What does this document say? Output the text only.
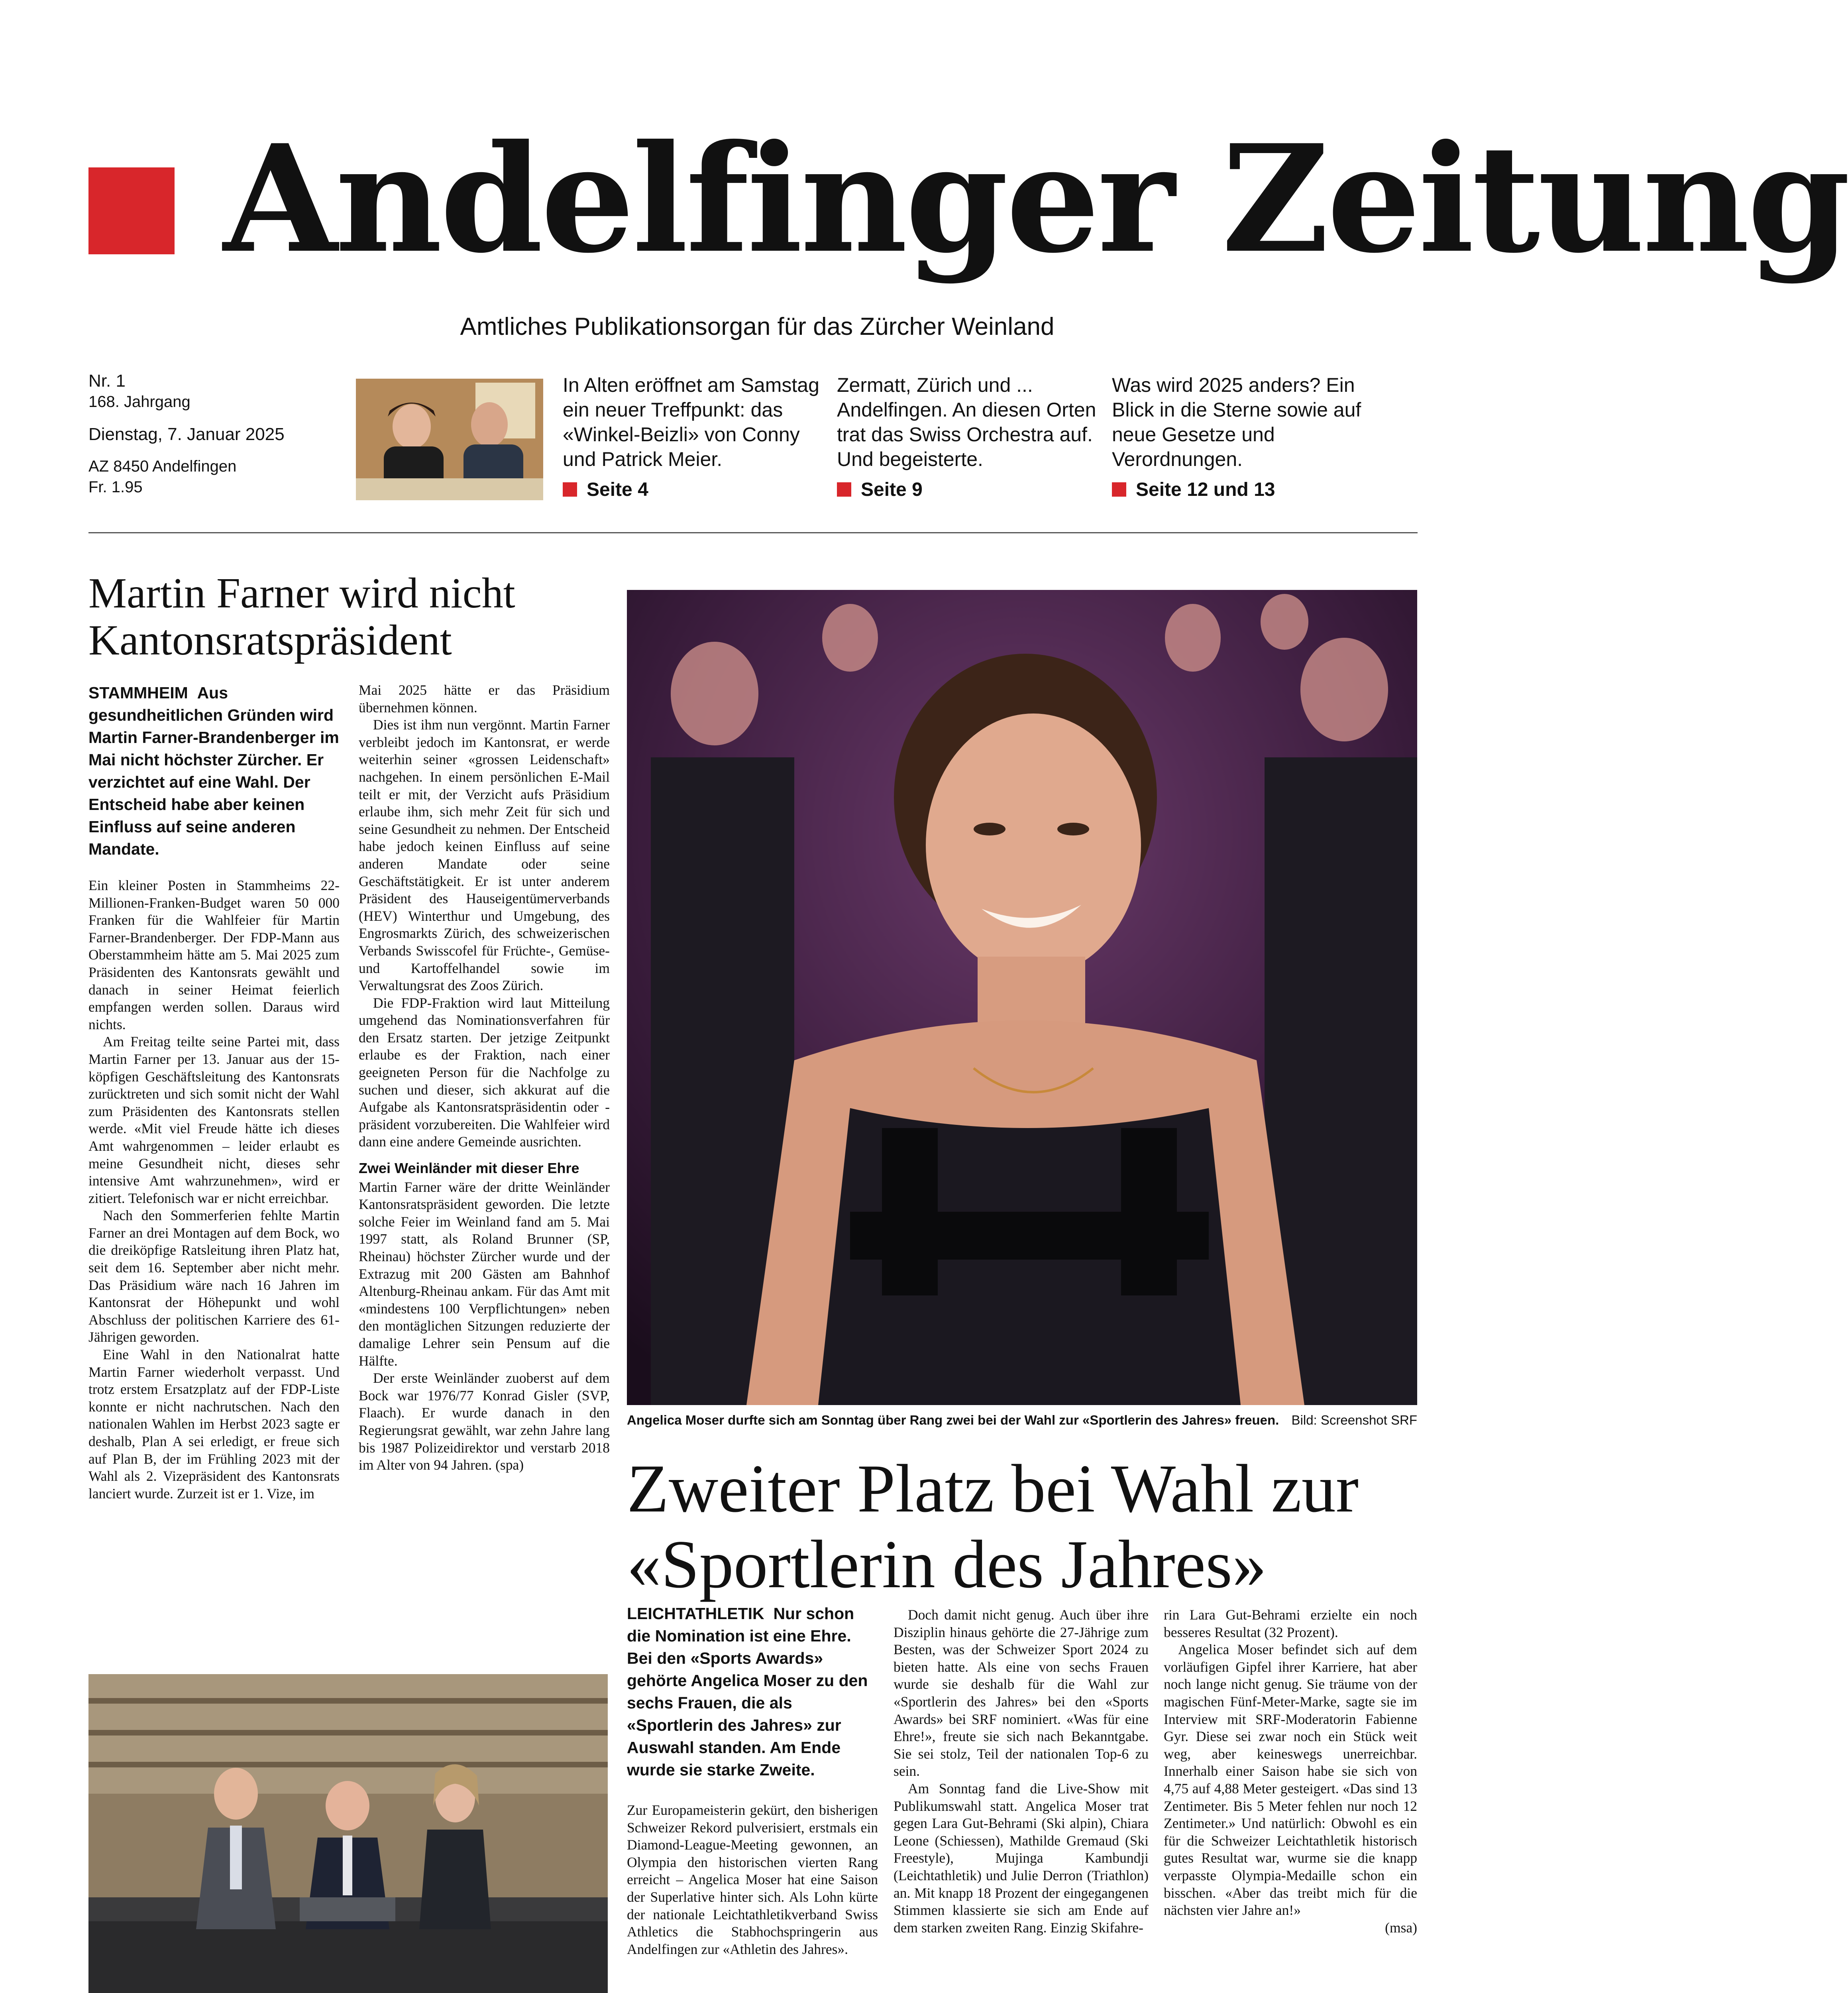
Andelfinger Zeitung
Amtliches Publikationsorgan für das Zürcher Weinland
Nr. 1
168. Jahrgang
Dienstag, 7. Januar 2025
AZ 8450 Andelfingen
Fr. 1.95
In Alten eröffnet am Samstag ein neuer Treffpunkt: das «Winkel-Beizli» von Conny und Patrick Meier.
Seite 4
Zermatt, Zürich und ... Andelfingen. An diesen Orten trat das Swiss Orchestra auf. Und begeisterte.
Seite 9
Was wird 2025 anders? Ein Blick in die Sterne sowie auf neue Gesetze und Verordnungen.
Seite 12 und 13
Martin Farner wird nicht Kantonsratspräsident
STAMMHEIM Aus gesundheitlichen Gründen wird Martin Farner-Brandenberger im Mai nicht höchster Zürcher. Er verzichtet auf eine Wahl. Der Entscheid habe aber keinen Einfluss auf seine anderen Mandate.

Ein kleiner Posten in Stammheims 22-Millionen-Franken-Budget waren 50 000 Franken für die Wahlfeier für Martin Farner-Brandenberger. Der FDP-Mann aus Oberstammheim hätte am 5. Mai 2025 zum Präsidenten des Kantonsrats gewählt und danach in seiner Heimat feierlich empfangen werden sollen. Daraus wird nichts.

Am Freitag teilte seine Partei mit, dass Martin Farner per 13. Januar aus der 15-köpfigen Geschäftsleitung des Kantonsrats zurücktreten und sich somit nicht der Wahl zum Präsidenten des Kantonsrats stellen werde. «Mit viel Freude hätte ich dieses Amt wahrgenommen – leider erlaubt es meine Gesundheit nicht, dieses sehr intensive Amt wahrzunehmen», wird er zitiert. Telefonisch war er nicht erreichbar.

Nach den Sommerferien fehlte Martin Farner an drei Montagen auf dem Bock, wo die dreiköpfige Ratsleitung ihren Platz hat, seit dem 16. September aber nicht mehr. Das Präsidium wäre nach 16 Jahren im Kantonsrat der Höhepunkt und wohl Abschluss der politischen Karriere des 61-Jährigen geworden.

Eine Wahl in den Nationalrat hatte Martin Farner wiederholt verpasst. Und trotz erstem Ersatzplatz auf der FDP-Liste konnte er nicht nachrutschen. Nach den nationalen Wahlen im Herbst 2023 sagte er deshalb, Plan A sei erledigt, er freue sich auf Plan B, der im Frühling 2023 mit der Wahl als 2. Vizepräsident des Kantonsrats lanciert wurde. Zurzeit ist er 1. Vize, im

Mai 2025 hätte er das Präsidium übernehmen können.

Dies ist ihm nun vergönnt. Martin Farner verbleibt jedoch im Kantonsrat, er werde weiterhin seiner «grossen Leidenschaft» nachgehen. In einem persönlichen E-Mail teilt er mit, der Verzicht aufs Präsidium erlaube ihm, sich mehr Zeit für sich und seine Gesundheit zu nehmen. Der Entscheid habe jedoch keinen Einfluss auf seine anderen Mandate oder seine Geschäftstätigkeit. Er ist unter anderem Präsident des Hauseigentümerverbands (HEV) Winterthur und Umgebung, des Engrosmarkts Zürich, des schweizerischen Verbands Swisscofel für Früchte-, Gemüse- und Kartoffelhandel sowie im Verwaltungsrat des Zoos Zürich.

Die FDP-Fraktion wird laut Mitteilung umgehend das Nominationsverfahren für den Ersatz starten. Der jetzige Zeitpunkt erlaube es der Fraktion, nach einer geeigneten Person für die Nachfolge zu suchen und dieser, sich akkurat auf die Aufgabe als Kantonsratspräsidentin oder -präsident vorzubereiten. Die Wahlfeier wird dann eine andere Gemeinde ausrichten.

Zwei Weinländer mit dieser Ehre

Martin Farner wäre der dritte Weinländer Kantonsratspräsident geworden. Die letzte solche Feier im Weinland fand am 5. Mai 1997 statt, als Roland Brunner (SP, Rheinau) höchster Zürcher wurde und der Extrazug mit 200 Gästen am Bahnhof Altenburg-Rheinau ankam. Für das Amt mit «mindestens 100 Verpflichtungen» neben den montäglichen Sitzungen reduzierte der damalige Lehrer sein Pensum auf die Hälfte.

Der erste Weinländer zuoberst auf dem Bock war 1976/77 Konrad Gisler (SVP, Flaach). Er wurde danach in den Regierungsrat gewählt, war zehn Jahre lang bis 1987 Polizeidirektor und verstarb 2018 im Alter von 94 Jahren. (spa)

Angelica Moser durfte sich am Sonntag über Rang zwei bei der Wahl zur «Sportlerin des Jahres» freuen. Bild: Screenshot SRF
Zweiter Platz bei Wahl zur «Sportlerin des Jahres»
LEICHTATHLETIK Nur schon die Nomination ist eine Ehre. Bei den «Sports Awards» gehörte Angelica Moser zu den sechs Frauen, die als «Sportlerin des Jahres» zur Auswahl standen. Am Ende wurde sie starke Zweite.

Zur Europameisterin gekürt, den bisherigen Schweizer Rekord pulverisiert, erstmals ein Diamond-League-Meeting gewonnen, an Olympia den historischen vierten Rang erreicht – Angelica Moser hat eine Saison der Superlative hinter sich. Als Lohn kürte der nationale Leichtathletikverband Swiss Athletics die Stabhochspringerin aus Andelfingen zur «Athletin des Jahres».

Doch damit nicht genug. Auch über ihre Disziplin hinaus gehörte die 27-Jährige zum Besten, was der Schweizer Sport 2024 zu bieten hatte. Als eine von sechs Frauen wurde sie deshalb für die Wahl zur «Sportlerin des Jahres» bei den «Sports Awards» bei SRF nominiert. «Was für eine Ehre!», freute sie sich nach Bekanntgabe. Sie sei stolz, Teil der nationalen Top-6 zu sein.

Am Sonntag fand die Live-Show mit Publikumswahl statt. Angelica Moser trat gegen Lara Gut-Behrami (Ski alpin), Chiara Leone (Schiessen), Mathilde Gremaud (Ski Freestyle), Mujinga Kambundji (Leichtathletik) und Julie Derron (Triathlon) an. Mit knapp 18 Prozent der eingegangenen Stimmen klassierte sie sich am Ende auf dem starken zweiten Rang. Einzig Skifahre-

rin Lara Gut-Behrami erzielte ein noch besseres Resultat (32 Prozent).

Angelica Moser befindet sich auf dem vorläufigen Gipfel ihrer Karriere, hat aber noch lange nicht genug. Sie träume von der magischen Fünf-Meter-Marke, sagte sie im Interview mit SRF-Moderatorin Fabienne Gyr. Diese sei zwar noch ein Stück weit weg, aber keineswegs unerreichbar. Innerhalb einer Saison habe sie sich von 4,75 auf 4,88 Meter gesteigert. «Das sind 13 Zentimeter. Bis 5 Meter fehlen nur noch 12 Zentimeter.» Und natürlich: Obwohl es ein für die Schweizer Leichtathletik historisch gutes Resultat war, wurme sie die knapp verpasste Olympia-Medaille schon ein bisschen. «Aber das treibt mich für die nächsten vier Jahre an!»

(msa)
